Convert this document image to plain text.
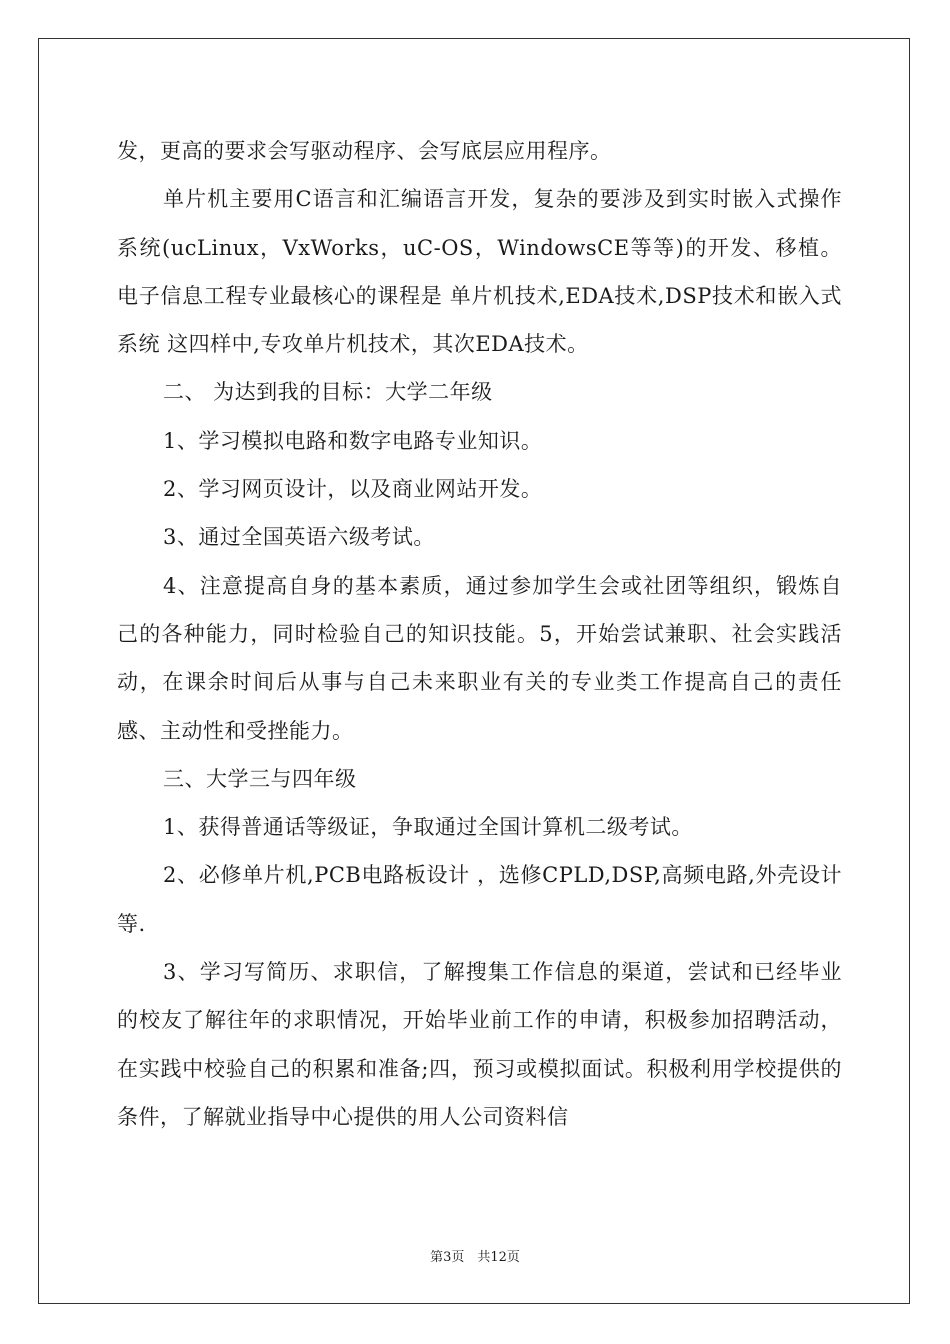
发，更高的要求会写驱动程序、会写底层应用程序。

单片机主要用C语言和汇编语言开发，复杂的要涉及到实时嵌入式操作系统(ucLinux，VxWorks，uC-OS，WindowsCE等等)的开发、移植。电子信息工程专业最核心的课程是 单片机技术,EDA技术,DSP技术和嵌入式系统 这四样中,专攻单片机技术，其次EDA技术。

二、 为达到我的目标：大学二年级

1、学习模拟电路和数字电路专业知识。

2、学习网页设计，以及商业网站开发。

3、通过全国英语六级考试。

4、注意提高自身的基本素质，通过参加学生会或社团等组织，锻炼自己的各种能力，同时检验自己的知识技能。5，开始尝试兼职、社会实践活动，在课余时间后从事与自己未来职业有关的专业类工作提高自己的责任感、主动性和受挫能力。

三、大学三与四年级

1、获得普通话等级证，争取通过全国计算机二级考试。

2、必修单片机,PCB电路板设计 ，选修CPLD,DSP,高频电路,外壳设计等.

3、学习写简历、求职信，了解搜集工作信息的渠道，尝试和已经毕业的校友了解往年的求职情况，开始毕业前工作的申请，积极参加招聘活动，在实践中校验自己的积累和准备;四，预习或模拟面试。积极利用学校提供的条件，了解就业指导中心提供的用人公司资料信

第3页　共12页
